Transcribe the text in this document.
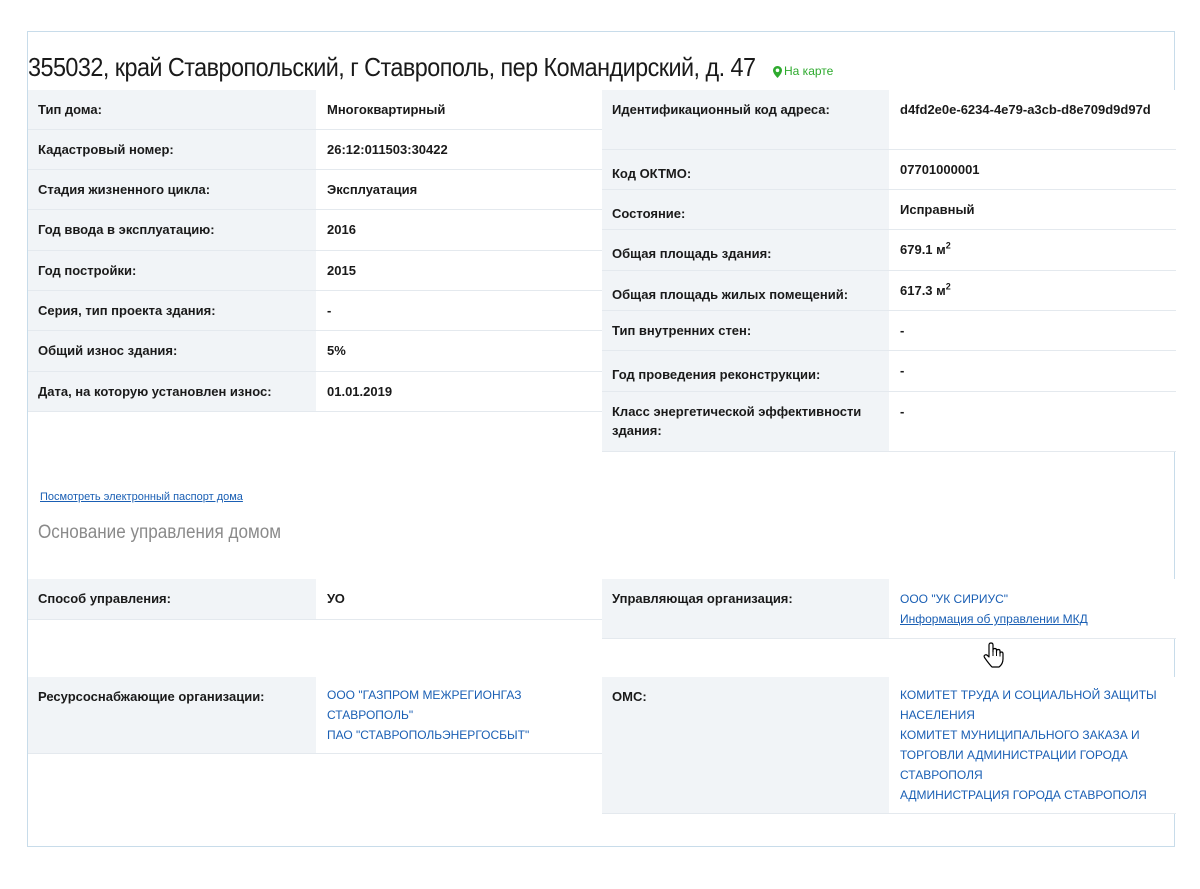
355032, край Ставропольский, г Ставрополь, пер Командирский, д. 47	На карте
Тип дома:	Многоквартирный
Кадастровый номер:	26:12:011503:30422
Стадия жизненного цикла:	Эксплуатация
Год ввода в эксплуатацию:	2016
Год постройки:	2015
Серия, тип проекта здания:	-
Общий износ здания:	5%
Дата, на которую установлен износ:	01.01.2019
Идентификационный код адреса:	d4fd2e0e-6234-4e79-a3cb-d8e709d9d97d
Код ОКТМО:	07701000001
Состояние:	Исправный
Общая площадь здания:	679.1 $м^2$
Общая площадь жилых помещений:	617.3 $м^2$
Тип внутренних стен:	-
Год проведения реконструкции:	-
Класс энергетической эффективности здания:
-
Посмотреть электронный паспорт дома
Основание управления домом
Способ управления:	УО	Управляющая организация:	ООО "УК СИРИУС"
Информация об управлении МКД
Ресурсоснабжающие организации:	ООО "ГАЗПРОМ МЕЖРЕГИОНГАЗ СТАВРОПОЛЬ"
ПАО "СТАВРОПОЛЬЭНЕРГОСБЫТ"
ОМС:	КОМИТЕТ ТРУДА И СОЦИАЛЬНОЙ ЗАЩИТЫ НАСЕЛЕНИЯ
КОМИТЕТ МУНИЦИПАЛЬНОГО ЗАКАЗА И ТОРГОВЛИ АДМИНИСТРАЦИИ ГОРОДА СТАВРОПОЛЯ
АДМИНИСТРАЦИЯ ГОРОДА СТАВРОПОЛЯ
